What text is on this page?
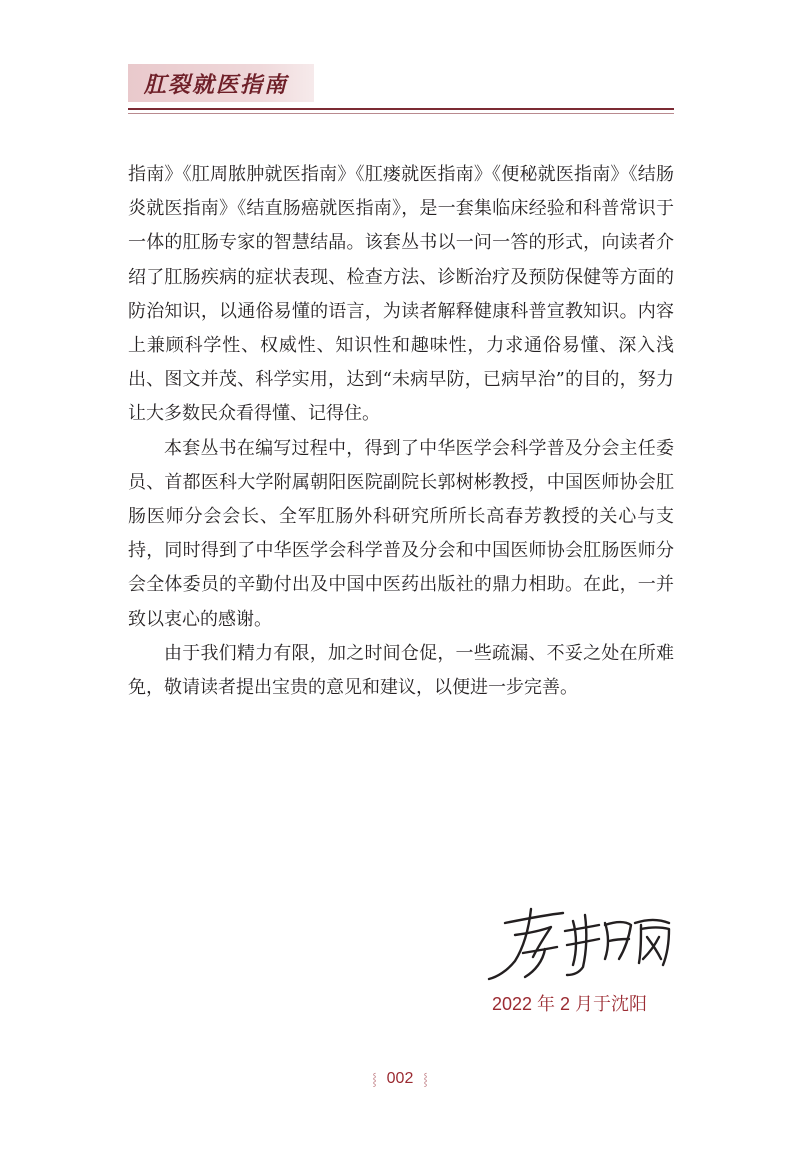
肛裂就医指南

指南》《肛周脓肿就医指南》《肛瘘就医指南》《便秘就医指南》《结肠炎就医指南》《结直肠癌就医指南》，是一套集临床经验和科普常识于一体的肛肠专家的智慧结晶。该套丛书以一问一答的形式，向读者介绍了肛肠疾病的症状表现、检查方法、诊断治疗及预防保健等方面的防治知识，以通俗易懂的语言，为读者解释健康科普宣教知识。内容上兼顾科学性、权威性、知识性和趣味性，力求通俗易懂、深入浅出、图文并茂、科学实用，达到“未病早防，已病早治”的目的，努力让大多数民众看得懂、记得住。

本套丛书在编写过程中，得到了中华医学会科学普及分会主任委员、首都医科大学附属朝阳医院副院长郭树彬教授，中国医师协会肛肠医师分会会长、全军肛肠外科研究所所长高春芳教授的关心与支持，同时得到了中华医学会科学普及分会和中国医师协会肛肠医师分会全体委员的辛勤付出及中国中医药出版社的鼎力相助。在此，一并致以衷心的感谢。

由于我们精力有限，加之时间仓促，一些疏漏、不妥之处在所难免，敬请读者提出宝贵的意见和建议，以便进一步完善。

2022 年 2 月于沈阳
⸾ 002 ⸾
